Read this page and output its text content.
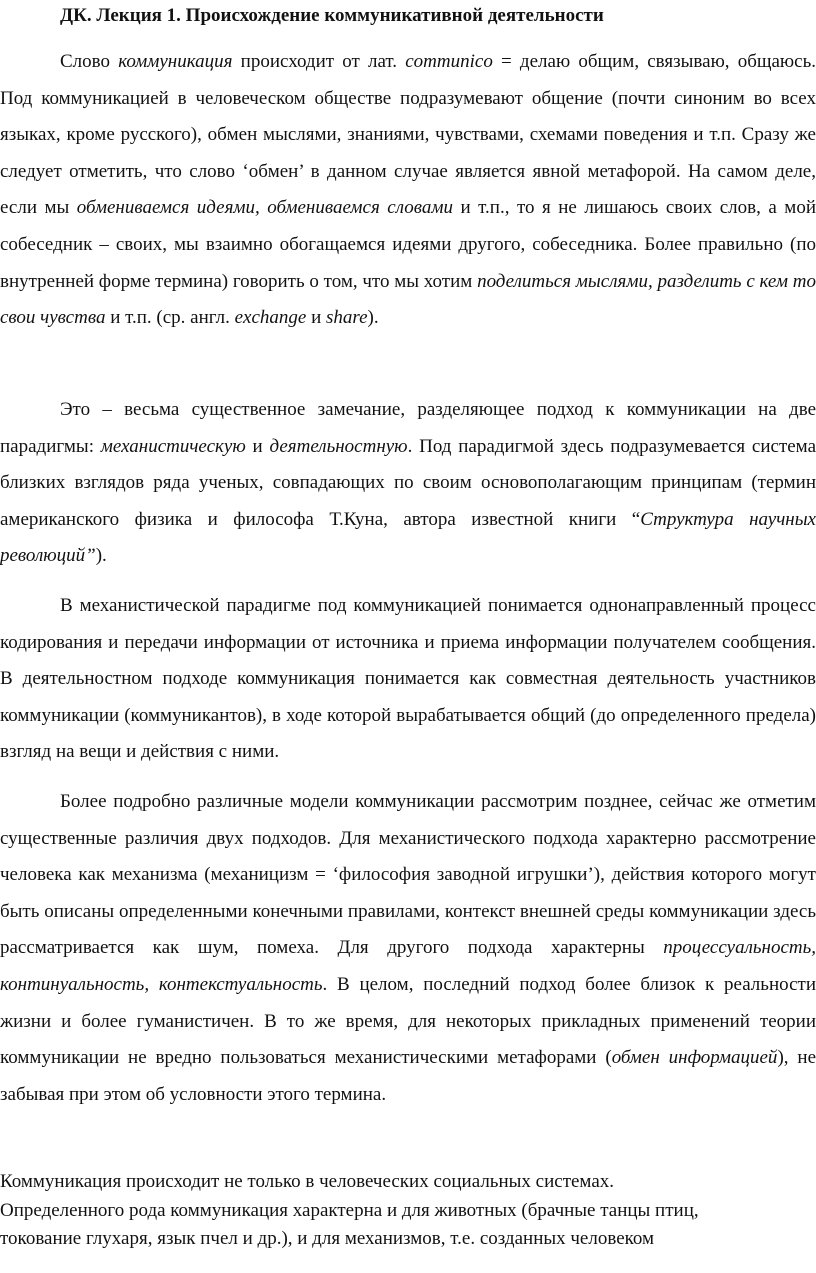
ДК. Лекция 1. Происхождение коммуникативной деятельности

Слово коммуникация происходит от лат. communico = делаю общим, связываю, общаюсь. Под коммуникацией в человеческом обществе подразумевают общение (почти синоним во всех языках, кроме русского), обмен мыслями, знаниями, чувствами, схемами поведения и т.п. Сразу же следует отметить, что слово ‘обмен’ в данном случае является явной метафорой. На самом деле, если мы обмениваемся идеями, обмениваемся словами и т.п., то я не лишаюсь своих слов, а мой собеседник – своих, мы взаимно обогащаемся идеями другого, собеседника. Более правильно (по внутренней форме термина) говорить о том, что мы хотим поделиться мыслями, разделить с кем то свои чувства и т.п. (ср. англ. exchange и share).

Это – весьма существенное замечание, разделяющее подход к коммуникации на две парадигмы: механистическую и деятельностную. Под парадигмой здесь подразумевается система близких взглядов ряда ученых, совпадающих по своим основополагающим принципам (термин американского физика и философа Т.Куна, автора известной книги “Структура научных революций”).

В механистической парадигме под коммуникацией понимается однонаправленный процесс кодирования и передачи информации от источника и приема информации получателем сообщения. В деятельностном подходе коммуникация понимается как совместная деятельность участников коммуникации (коммуникантов), в ходе которой вырабатывается общий (до определенного предела) взгляд на вещи и действия с ними.

Более подробно различные модели коммуникации рассмотрим позднее, сейчас же отметим существенные различия двух подходов. Для механистического подхода характерно рассмотрение человека как механизма (механицизм = ‘философия заводной игрушки’), действия которого могут быть описаны определенными конечными правилами, контекст внешней среды коммуникации здесь рассматривается как шум, помеха. Для другого подхода характерны процессуальность, континуальность, контекстуальность. В целом, последний подход более близок к реальности жизни и более гуманистичен. В то же время, для некоторых прикладных применений теории коммуникации не вредно пользоваться механистическими метафорами (обмен информацией), не забывая при этом об условности этого термина.

Коммуникация происходит не только в человеческих социальных системах.
Определенного рода коммуникация характерна и для животных (брачные танцы птиц,
токование глухаря, язык пчел и др.), и для механизмов, т.е. созданных человеком
